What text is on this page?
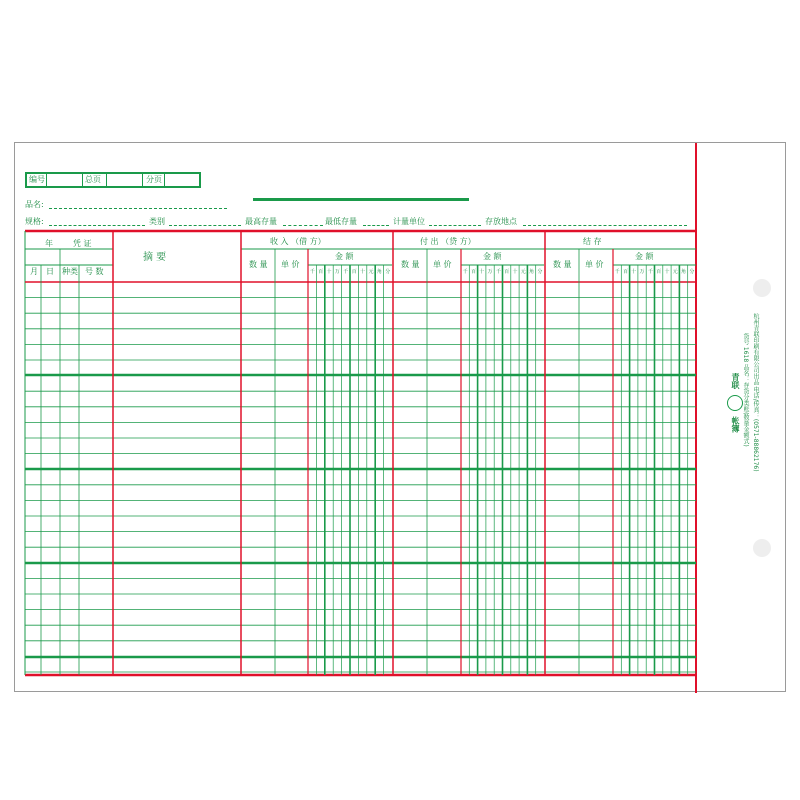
编号	总页	分页
品名:
规格:	类别	最高存量	最低存量	计量单位	存放地点
年	凭 证
月 日 种类 号 数
摘 要
收 入 （借 方）	付 出 （贷 方）	结 存
数 量 单 价
金 额
数 量 单 价
金 额
数 量 单 价
金 额
千 百 十 万 千 百 十 元 角 分	千 百 十 万 千 百 十 元 角 分	千 百 十 万 千 百 十 元 角 分
青联  帐簿 货号 1618 品名：存货分类账(数量金额式) 杭州青联印刷有限公司出品 电话/传真：(0571-88862176)
